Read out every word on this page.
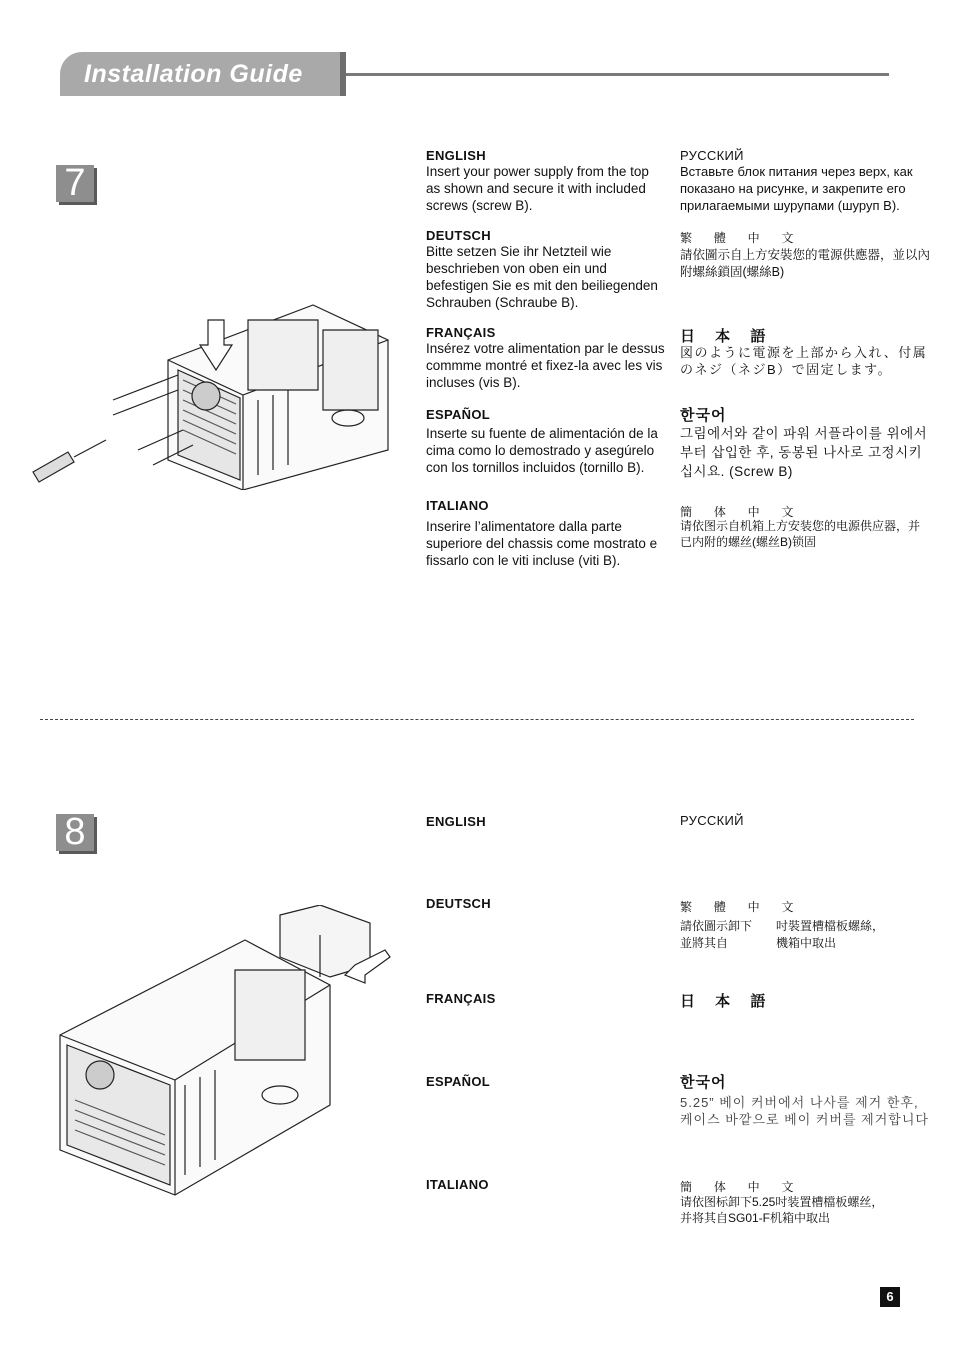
Installation Guide
7
ENGLISH
Insert your power supply from the top as shown and secure it with included screws (screw B).
DEUTSCH
Bitte setzen Sie ihr Netzteil wie beschrieben von oben ein und befestigen Sie es mit den beiliegenden Schrauben (Schraube B).
FRANÇAIS
Insérez votre alimentation par le dessus commme montré et fixez-la avec les vis incluses (vis B).
ESPAÑOL
Inserte su fuente de alimentación de la cima como lo demostrado y asegúrelo con los tornillos incluidos (tornillo B).
ITALIANO
Inserire l’alimentatore dalla parte superiore del chassis come mostrato e fissarlo con le viti incluse (viti B).
РУССКИЙ
Вставьте блок питания через верх, как показано на рисунке, и закрепите его прилагаемыми шурупами (шуруп B).
繁 體 中 文
請依圖示自上方安裝您的電源供應器，並以內附螺絲鎖固(螺絲B)
日 本 語
図のように電源を上部から入れ、付属のネジ（ネジB）で固定します。
한국어
그림에서와 같이 파워 서플라이를 위에서부터 삽입한 후, 동봉된 나사로 고정시키십시요. (Screw B)
簡 体 中 文
请依图示自机箱上方安装您的电源供应器，并已内附的螺丝(螺丝B)锁固
8	ENGLISH
DEUTSCH
FRANÇAIS
ESPAÑOL
ITALIANO
РУССКИЙ
繁 體 中 文
請依圖示卸下　　吋裝置槽檔板螺絲，
並將其自　　　　機箱中取出
日 本 語
한국어
5.25” 베이 커버에서 나사를 제거 한후,
케이스 바깥으로 베이 커버를 제거합니다
簡 体 中 文
请依图标卸下5.25吋装置槽檔板螺丝，
并将其自SG01-F机箱中取出
6
